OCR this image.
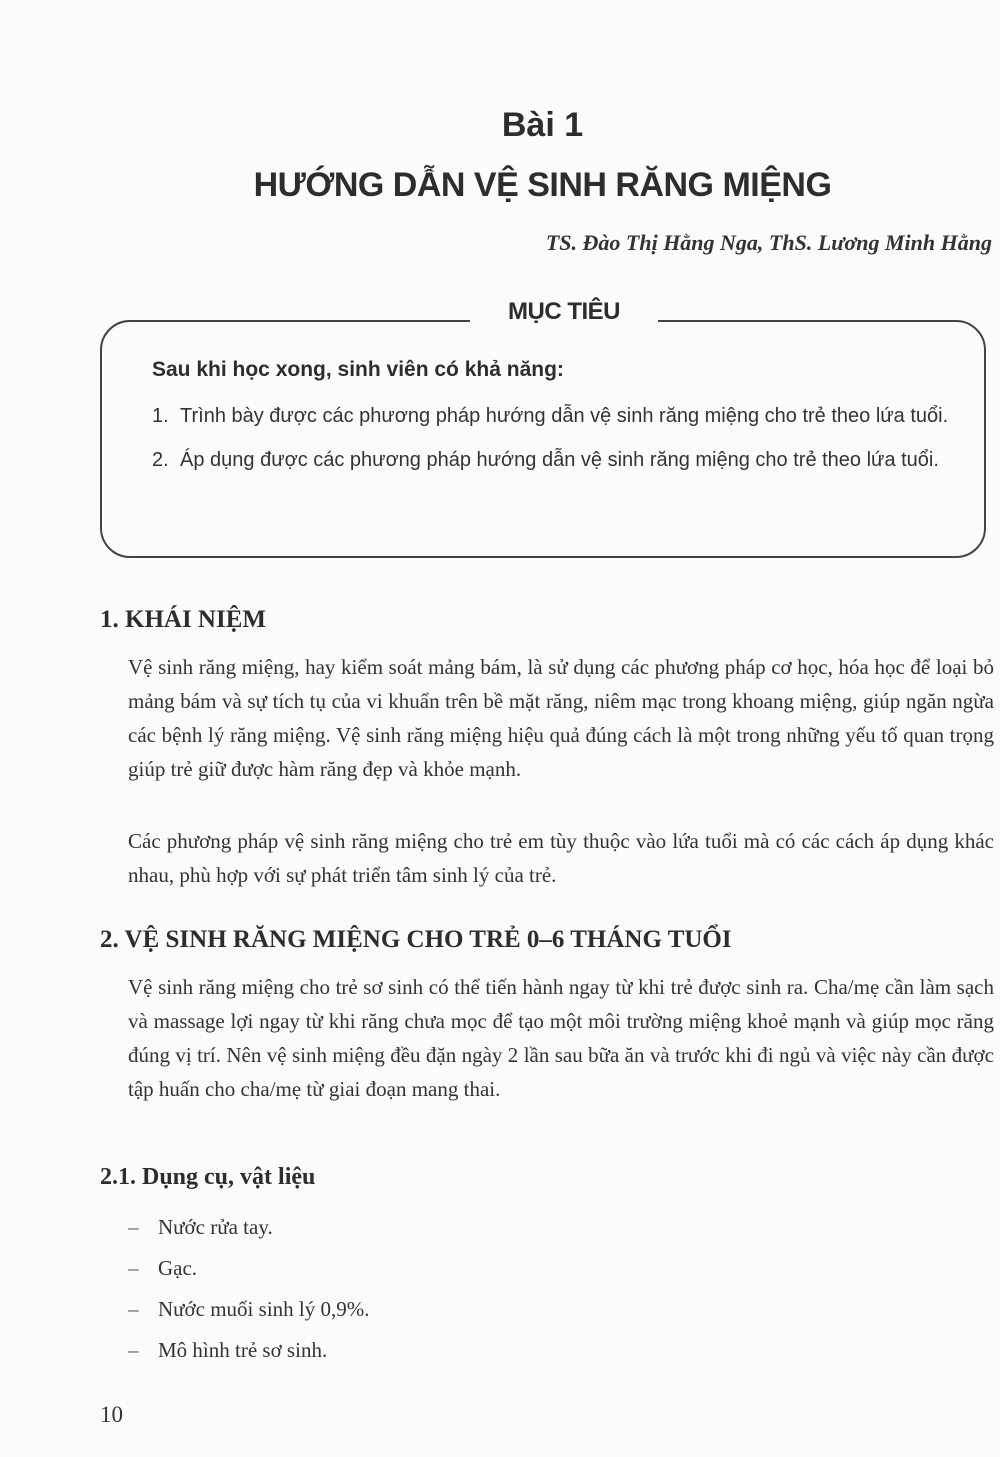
Bài 1
HƯỚNG DẪN VỆ SINH RĂNG MIỆNG
TS. Đào Thị Hằng Nga, ThS. Lương Minh Hằng
MỤC TIÊU
Sau khi học xong, sinh viên có khả năng:
1. Trình bày được các phương pháp hướng dẫn vệ sinh răng miệng cho trẻ theo lứa tuổi.
2. Áp dụng được các phương pháp hướng dẫn vệ sinh răng miệng cho trẻ theo lứa tuổi.
1. KHÁI NIỆM

Vệ sinh răng miệng, hay kiểm soát mảng bám, là sử dụng các phương pháp cơ học, hóa học để loại bỏ mảng bám và sự tích tụ của vi khuẩn trên bề mặt răng, niêm mạc trong khoang miệng, giúp ngăn ngừa các bệnh lý răng miệng. Vệ sinh răng miệng hiệu quả đúng cách là một trong những yếu tố quan trọng giúp trẻ giữ được hàm răng đẹp và khỏe mạnh.

Các phương pháp vệ sinh răng miệng cho trẻ em tùy thuộc vào lứa tuổi mà có các cách áp dụng khác nhau, phù hợp với sự phát triển tâm sinh lý của trẻ.

2. VỆ SINH RĂNG MIỆNG CHO TRẺ 0–6 THÁNG TUỔI

Vệ sinh răng miệng cho trẻ sơ sinh có thể tiến hành ngay từ khi trẻ được sinh ra. Cha/mẹ cần làm sạch và massage lợi ngay từ khi răng chưa mọc để tạo một môi trường miệng khoẻ mạnh và giúp mọc răng đúng vị trí. Nên vệ sinh miệng đều đặn ngày 2 lần sau bữa ăn và trước khi đi ngủ và việc này cần được tập huấn cho cha/mẹ từ giai đoạn mang thai.

2.1. Dụng cụ, vật liệu
– Nước rửa tay.
– Gạc.
– Nước muối sinh lý 0,9%.
– Mô hình trẻ sơ sinh.
10
